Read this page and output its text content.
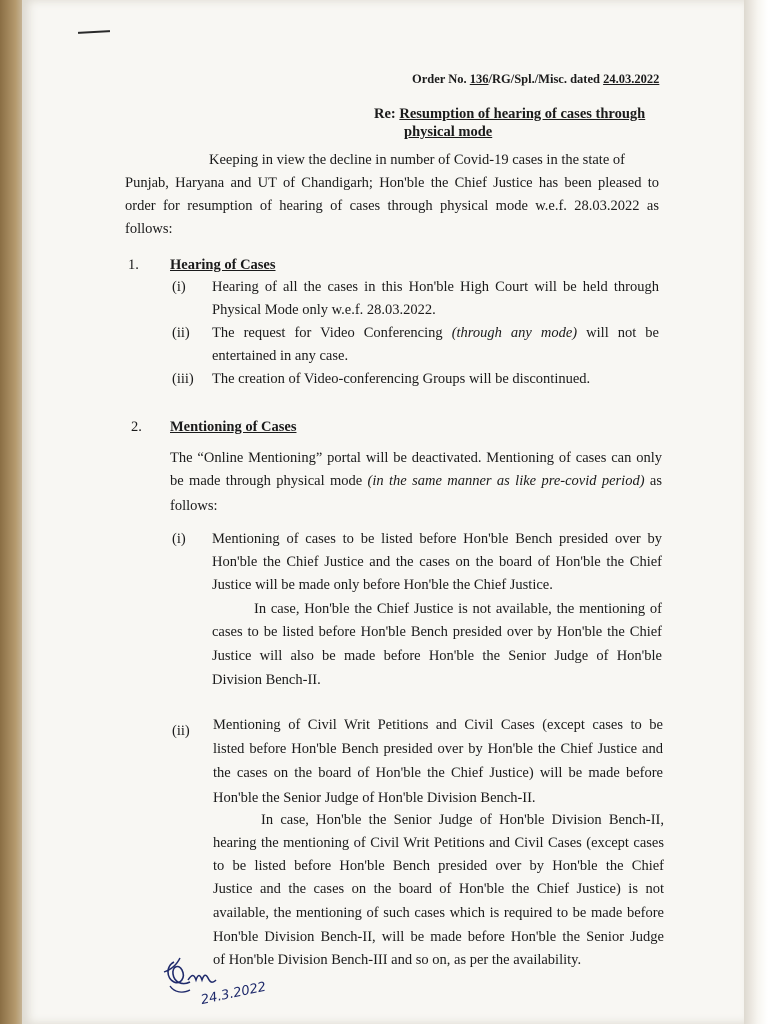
Order No. 136/RG/Spl./Misc. dated 24.03.2022
Re: Resumption of hearing of cases through
physical mode
Keeping in view the decline in number of Covid-19 cases in the state of
Punjab, Haryana and UT of Chandigarh; Hon'ble the Chief Justice has been pleased to
order for resumption of hearing of cases through physical mode w.e.f. 28.03.2022 as
follows:
1. Hearing of Cases
(i) Hearing of all the cases in this Hon'ble High Court will be held through
Physical Mode only w.e.f. 28.03.2022.
(ii) The request for Video Conferencing (through any mode) will not be
entertained in any case.
(iii) The creation of Video-conferencing Groups will be discontinued.
2. Mentioning of Cases
The “Online Mentioning” portal will be deactivated. Mentioning of cases can only
be made through physical mode (in the same manner as like pre-covid period) as
follows:
(i) Mentioning of cases to be listed before Hon'ble Bench presided over by
Hon'ble the Chief Justice and the cases on the board of Hon'ble the Chief
Justice will be made only before Hon'ble the Chief Justice.
In case, Hon'ble the Chief Justice is not available, the mentioning of
cases to be listed before Hon'ble Bench presided over by Hon'ble the Chief
Justice will also be made before Hon'ble the Senior Judge of Hon'ble
Division Bench-II.
(ii) Mentioning of Civil Writ Petitions and Civil Cases (except cases to be
listed before Hon'ble Bench presided over by Hon'ble the Chief Justice and
the cases on the board of Hon'ble the Chief Justice) will be made before
Hon'ble the Senior Judge of Hon'ble Division Bench-II.
In case, Hon'ble the Senior Judge of Hon'ble Division Bench-II,
hearing the mentioning of Civil Writ Petitions and Civil Cases (except cases
to be listed before Hon'ble Bench presided over by Hon'ble the Chief
Justice and the cases on the board of Hon'ble the Chief Justice) is not
available, the mentioning of such cases which is required to be made before
Hon'ble Division Bench-II, will be made before Hon'ble the Senior Judge
of Hon'ble Division Bench-III and so on, as per the availability.
24.3.2022
